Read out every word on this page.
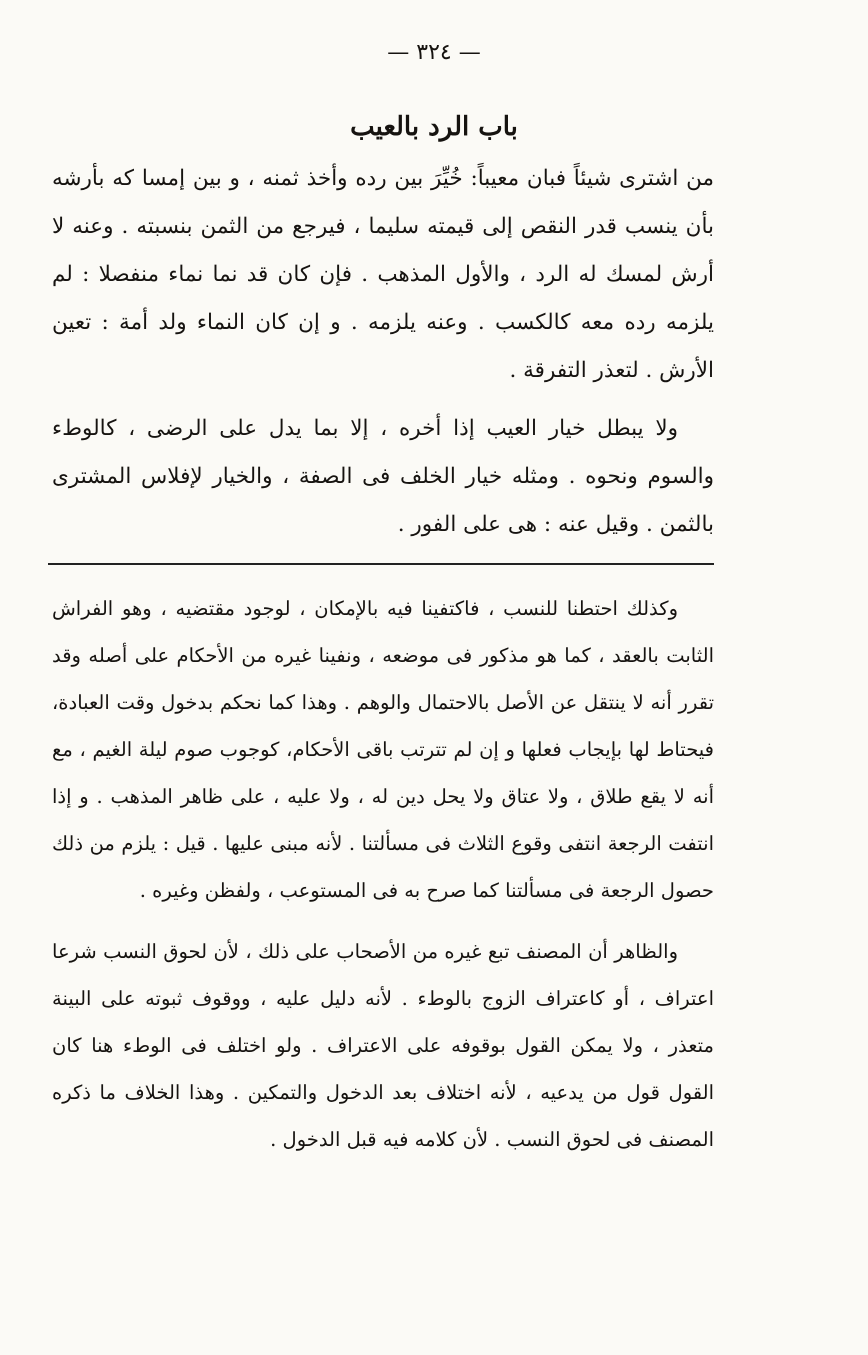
— ٣٢٤ —
باب الرد بالعيب

من اشترى شيئاً فبان معيباً: خُيِّرَ بين رده وأخذ ثمنه ، و بين إمسا كه بأرشه بأن ينسب قدر النقص إلى قيمته سليما ، فيرجع من الثمن بنسبته . وعنه لا أرش لمسك له الرد ، والأول المذهب . فإن كان قد نما نماء منفصلا : لم يلزمه رده معه كالكسب . وعنه يلزمه . و إن كان النماء ولد أمة : تعين الأرش . لتعذر التفرقة .

ولا يبطل خيار العيب إذا أخره ، إلا بما يدل على الرضى ، كالوطء والسوم ونحوه . ومثله خيار الخلف فى الصفة ، والخيار لإفلاس المشترى بالثمن . وقيل عنه : هى على الفور .

وكذلك احتطنا للنسب ، فاكتفينا فيه بالإمكان ، لوجود مقتضيه ، وهو الفراش الثابت بالعقد ، كما هو مذكور فى موضعه ، ونفينا غيره من الأحكام على أصله وقد تقرر أنه لا ينتقل عن الأصل بالاحتمال والوهم . وهذا كما نحكم بدخول وقت العبادة، فيحتاط لها بإيجاب فعلها و إن لم تترتب باقى الأحكام، كوجوب صوم ليلة الغيم ، مع أنه لا يقع طلاق ، ولا عتاق ولا يحل دين له ، ولا عليه ، على ظاهر المذهب . و إذا انتفت الرجعة انتفى وقوع الثلاث فى مسألتنا . لأنه مبنى عليها . قيل : يلزم من ذلك حصول الرجعة فى مسألتنا كما صرح به فى المستوعب ، ولفظن وغيره .

والظاهر أن المصنف تبع غيره من الأصحاب على ذلك ، لأن لحوق النسب شرعا اعتراف ، أو كاعتراف الزوج بالوطء . لأنه دليل عليه ، ووقوف ثبوته على البينة متعذر ، ولا يمكن القول بوقوفه على الاعتراف . ولو اختلف فى الوطء هنا كان القول قول من يدعيه ، لأنه اختلاف بعد الدخول والتمكين . وهذا الخلاف ما ذكره المصنف فى لحوق النسب . لأن كلامه فيه قبل الدخول .
